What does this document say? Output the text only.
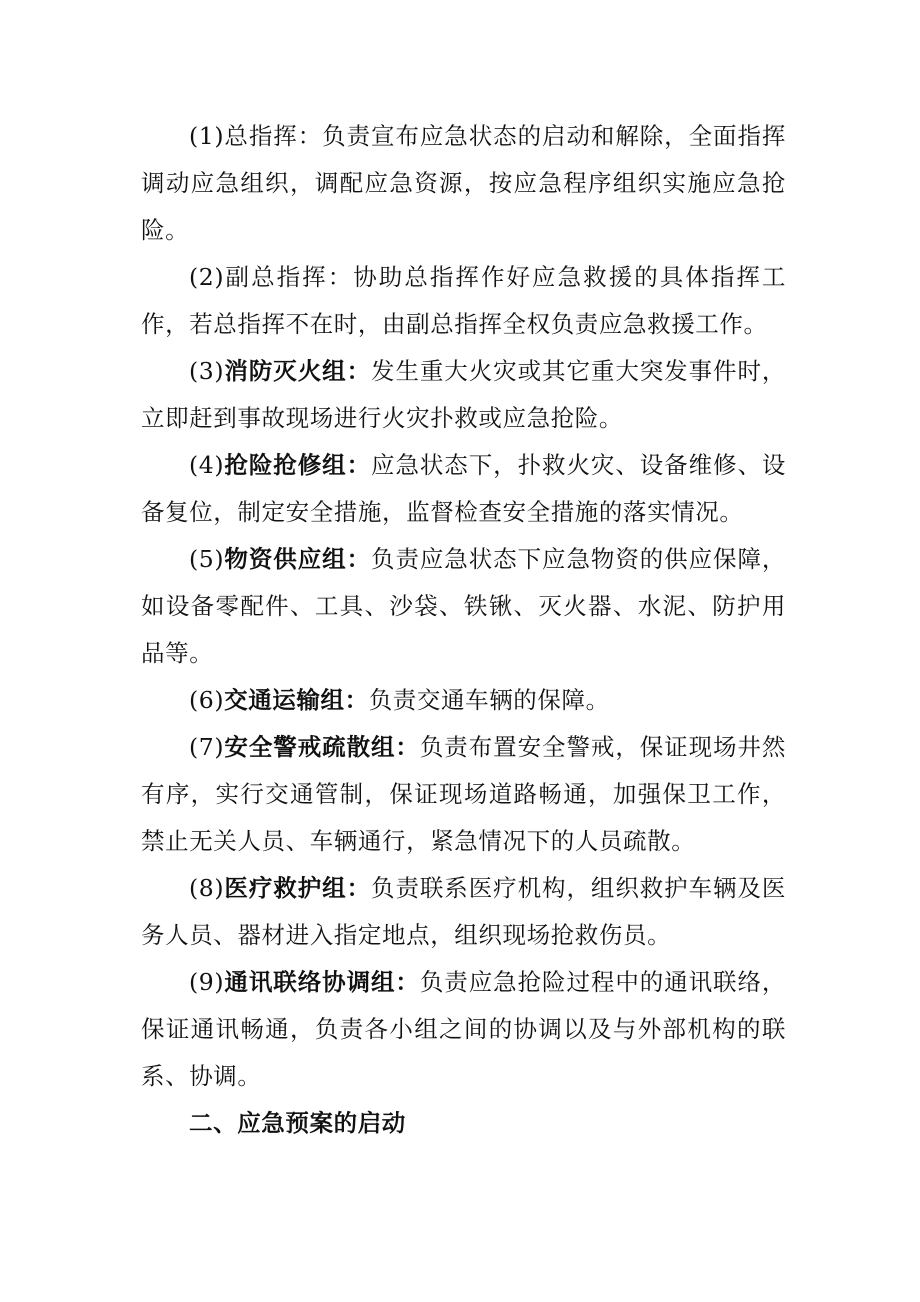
(1)总指挥：负责宣布应急状态的启动和解除，全面指挥调动应急组织，调配应急资源，按应急程序组织实施应急抢险。

(2)副总指挥：协助总指挥作好应急救援的具体指挥工作，若总指挥不在时，由副总指挥全权负责应急救援工作。

(3)消防灭火组：发生重大火灾或其它重大突发事件时，立即赶到事故现场进行火灾扑救或应急抢险。

(4)抢险抢修组：应急状态下，扑救火灾、设备维修、设备复位，制定安全措施，监督检查安全措施的落实情况。

(5)物资供应组：负责应急状态下应急物资的供应保障，如设备零配件、工具、沙袋、铁锹、灭火器、水泥、防护用品等。

(6)交通运输组：负责交通车辆的保障。

(7)安全警戒疏散组：负责布置安全警戒，保证现场井然有序，实行交通管制，保证现场道路畅通，加强保卫工作，禁止无关人员、车辆通行，紧急情况下的人员疏散。

(8)医疗救护组：负责联系医疗机构，组织救护车辆及医务人员、器材进入指定地点，组织现场抢救伤员。

(9)通讯联络协调组：负责应急抢险过程中的通讯联络，保证通讯畅通，负责各小组之间的协调以及与外部机构的联系、协调。

二、应急预案的启动
